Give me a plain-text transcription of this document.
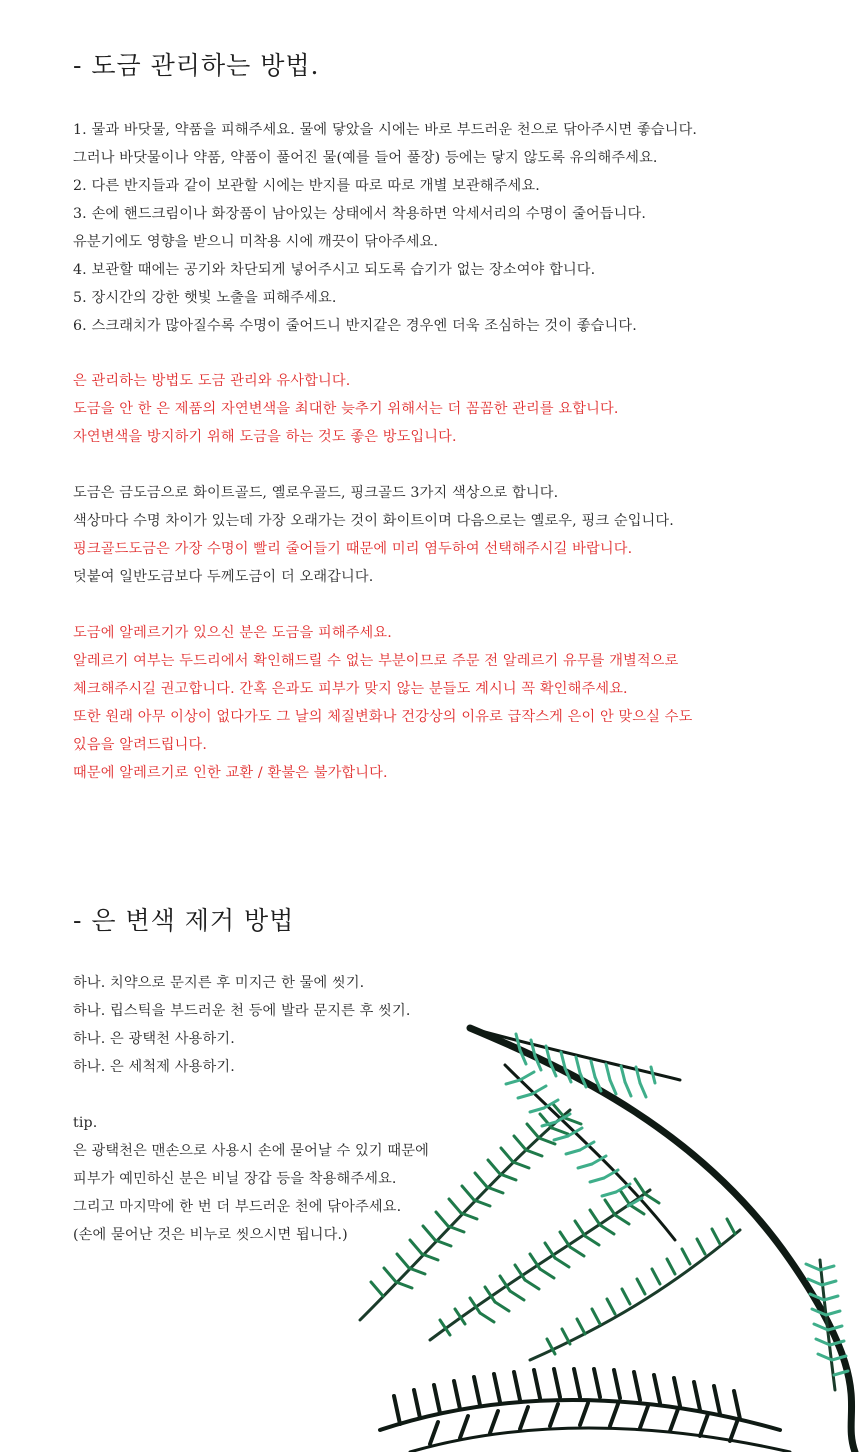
- 도금 관리하는 방법.
1. 물과 바닷물, 약품을 피해주세요. 물에 닿았을 시에는 바로 부드러운 천으로 닦아주시면 좋습니다.
그러나 바닷물이나 약품, 약품이 풀어진 물(예를 들어 풀장) 등에는 닿지 않도록 유의해주세요.
2. 다른 반지들과 같이 보관할 시에는 반지를 따로 따로 개별 보관해주세요.
3. 손에 핸드크림이나 화장품이 남아있는 상태에서 착용하면 악세서리의 수명이 줄어듭니다.
유분기에도 영향을 받으니 미착용 시에 깨끗이 닦아주세요.
4. 보관할 때에는 공기와 차단되게 넣어주시고 되도록 습기가 없는 장소여야 합니다.
5. 장시간의 강한 햇빛 노출을 피해주세요.
6. 스크래치가 많아질수록 수명이 줄어드니 반지같은 경우엔 더욱 조심하는 것이 좋습니다.
은 관리하는 방법도 도금 관리와 유사합니다.
도금을 안 한 은 제품의 자연변색을 최대한 늦추기 위해서는 더 꼼꼼한 관리를 요합니다.
자연변색을 방지하기 위해 도금을 하는 것도 좋은 방도입니다.
도금은 금도금으로 화이트골드, 옐로우골드, 핑크골드 3가지 색상으로 합니다.
색상마다 수명 차이가 있는데 가장 오래가는 것이 화이트이며 다음으로는 옐로우, 핑크 순입니다.
핑크골드도금은 가장 수명이 빨리 줄어들기 때문에 미리 염두하여 선택해주시길 바랍니다.
덧붙여 일반도금보다 두께도금이 더 오래갑니다.
도금에 알레르기가 있으신 분은 도금을 피해주세요.
알레르기 여부는 두드리에서 확인해드릴 수 없는 부분이므로 주문 전 알레르기 유무를 개별적으로
체크해주시길 권고합니다. 간혹 은과도 피부가 맞지 않는 분들도 계시니 꼭 확인해주세요.
또한 원래 아무 이상이 없다가도 그 날의 체질변화나 건강상의 이유로 급작스게 은이 안 맞으실 수도
있음을 알려드립니다.
때문에 알레르기로 인한 교환 / 환불은 불가합니다.
- 은 변색 제거 방법
하나. 치약으로 문지른 후 미지근 한 물에 씻기.
하나. 립스틱을 부드러운 천 등에 발라 문지른 후 씻기.
하나. 은 광택천 사용하기.
하나. 은 세척제 사용하기.
tip.
은 광택천은 맨손으로 사용시 손에 묻어날 수 있기 때문에
피부가 예민하신 분은 비닐 장갑 등을 착용해주세요.
그리고 마지막에 한 번 더 부드러운 천에 닦아주세요.
(손에 묻어난 것은 비누로 씻으시면 됩니다.)
